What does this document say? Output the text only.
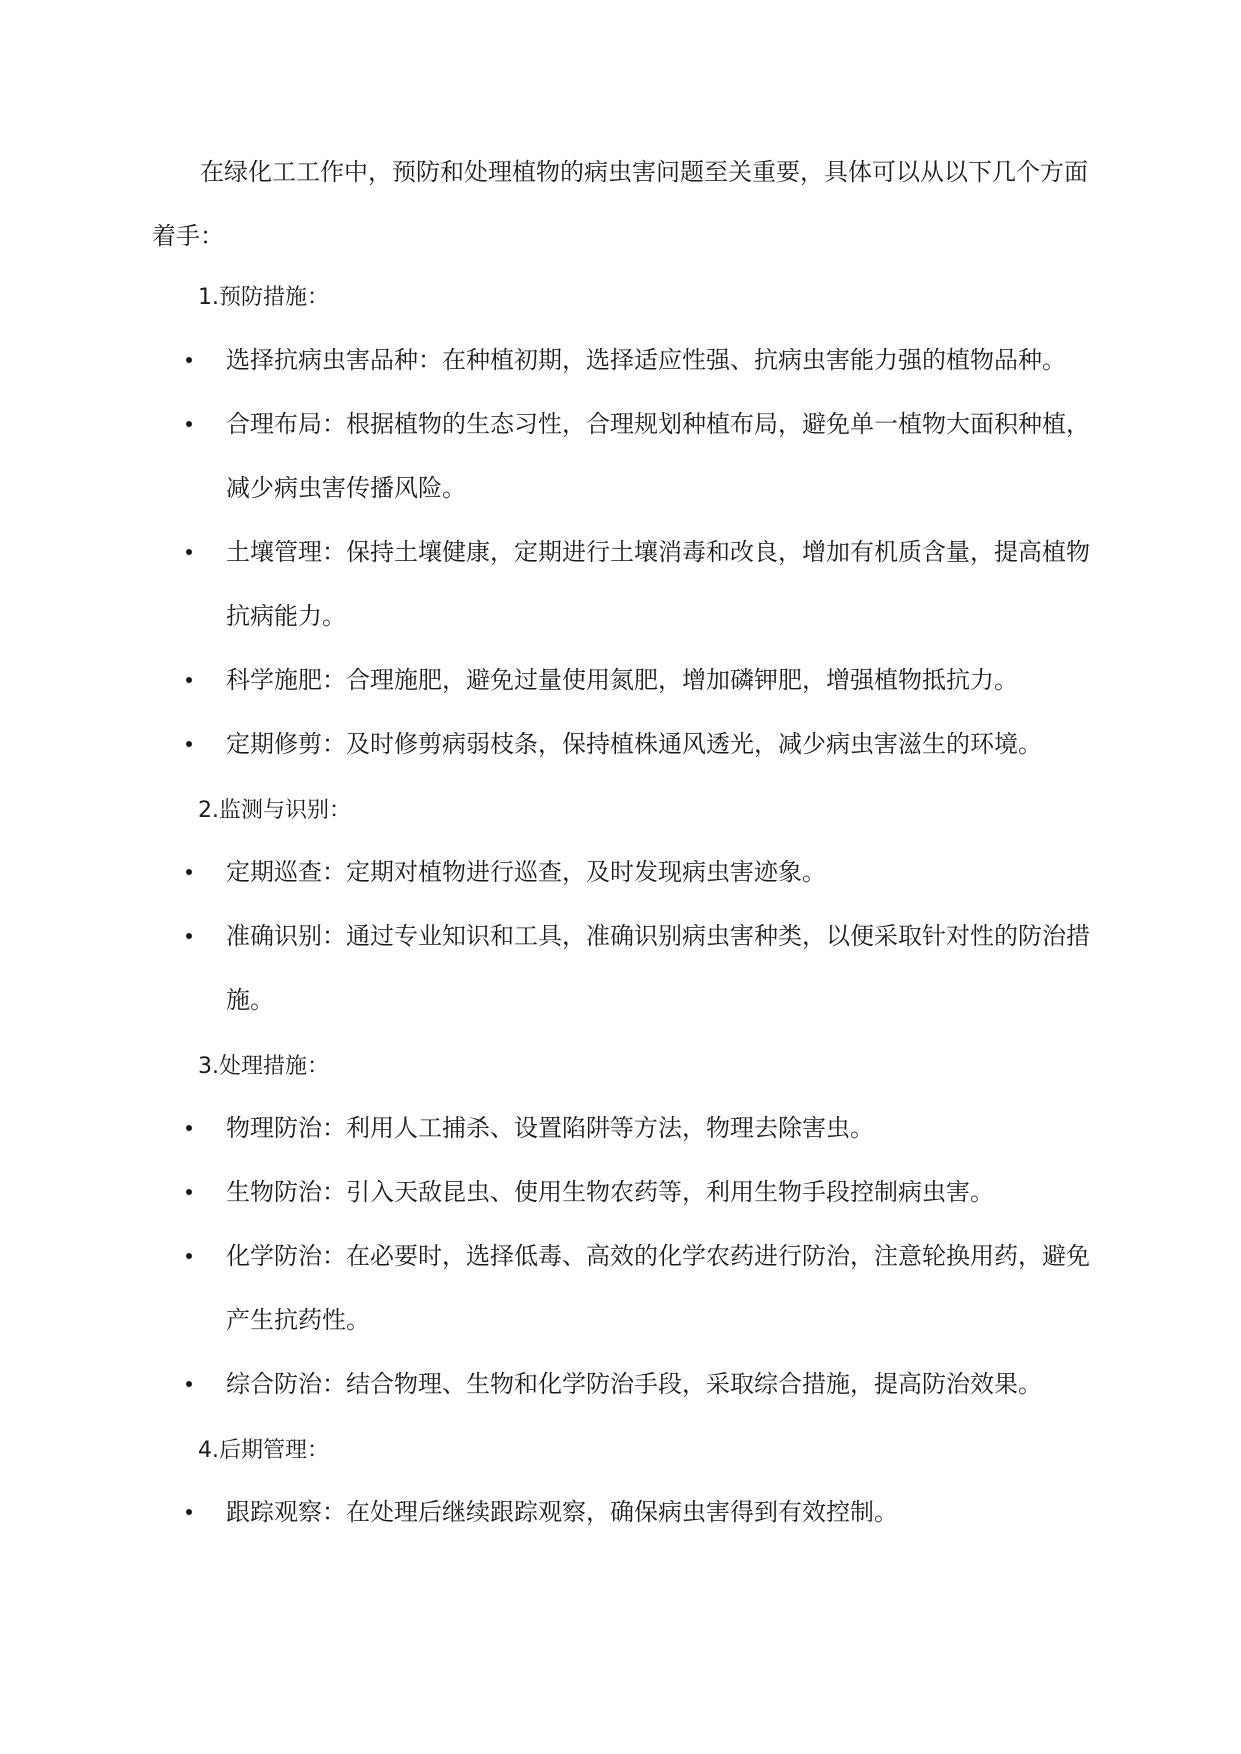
在绿化工工作中，预防和处理植物的病虫害问题至关重要，具体可以从以下几个方面着手：

1.预防措施：

选择抗病虫害品种：在种植初期，选择适应性强、抗病虫害能力强的植物品种。

合理布局：根据植物的生态习性，合理规划种植布局，避免单一植物大面积种植，减少病虫害传播风险。

土壤管理：保持土壤健康，定期进行土壤消毒和改良，增加有机质含量，提高植物抗病能力。

科学施肥：合理施肥，避免过量使用氮肥，增加磷钾肥，增强植物抵抗力。

定期修剪：及时修剪病弱枝条，保持植株通风透光，减少病虫害滋生的环境。

2.监测与识别：

定期巡查：定期对植物进行巡查，及时发现病虫害迹象。

准确识别：通过专业知识和工具，准确识别病虫害种类，以便采取针对性的防治措施。

3.处理措施：

物理防治：利用人工捕杀、设置陷阱等方法，物理去除害虫。

生物防治：引入天敌昆虫、使用生物农药等，利用生物手段控制病虫害。

化学防治：在必要时，选择低毒、高效的化学农药进行防治，注意轮换用药，避免产生抗药性。

综合防治：结合物理、生物和化学防治手段，采取综合措施，提高防治效果。

4.后期管理：

跟踪观察：在处理后继续跟踪观察，确保病虫害得到有效控制。
